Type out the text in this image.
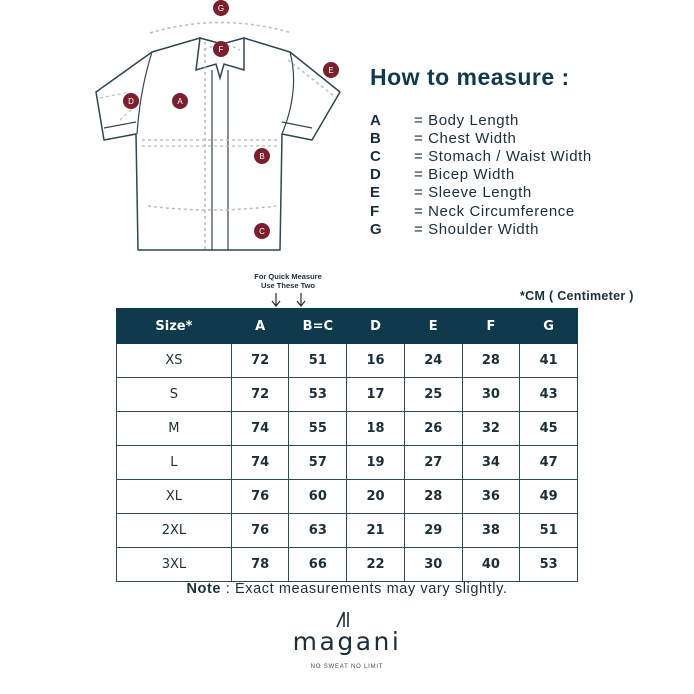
G
F
E
D	A
B
C
How to measure :
A	= Body Length
B	= Chest Width
C	= Stomach / Waist Width
D	= Bicep Width
E	= Sleeve Length
F	= Neck Circumference
G	= Shoulder Width
For Quick Measure
Use These Two
*CM ( Centimeter )
Size*	A	B=C	D	E	F	G
XS	72	51	16	24	28	41
S	72	53	17	25	30	43
M	74	55	18	26	32	45
L	74	57	19	27	34	47
XL	76	60	20	28	36	49
2XL	76	63	21	29	38	51
3XL	78	66	22	30	40	53
Note : Exact measurements may vary slightly.
magani
NO SWEAT NO LIMIT
